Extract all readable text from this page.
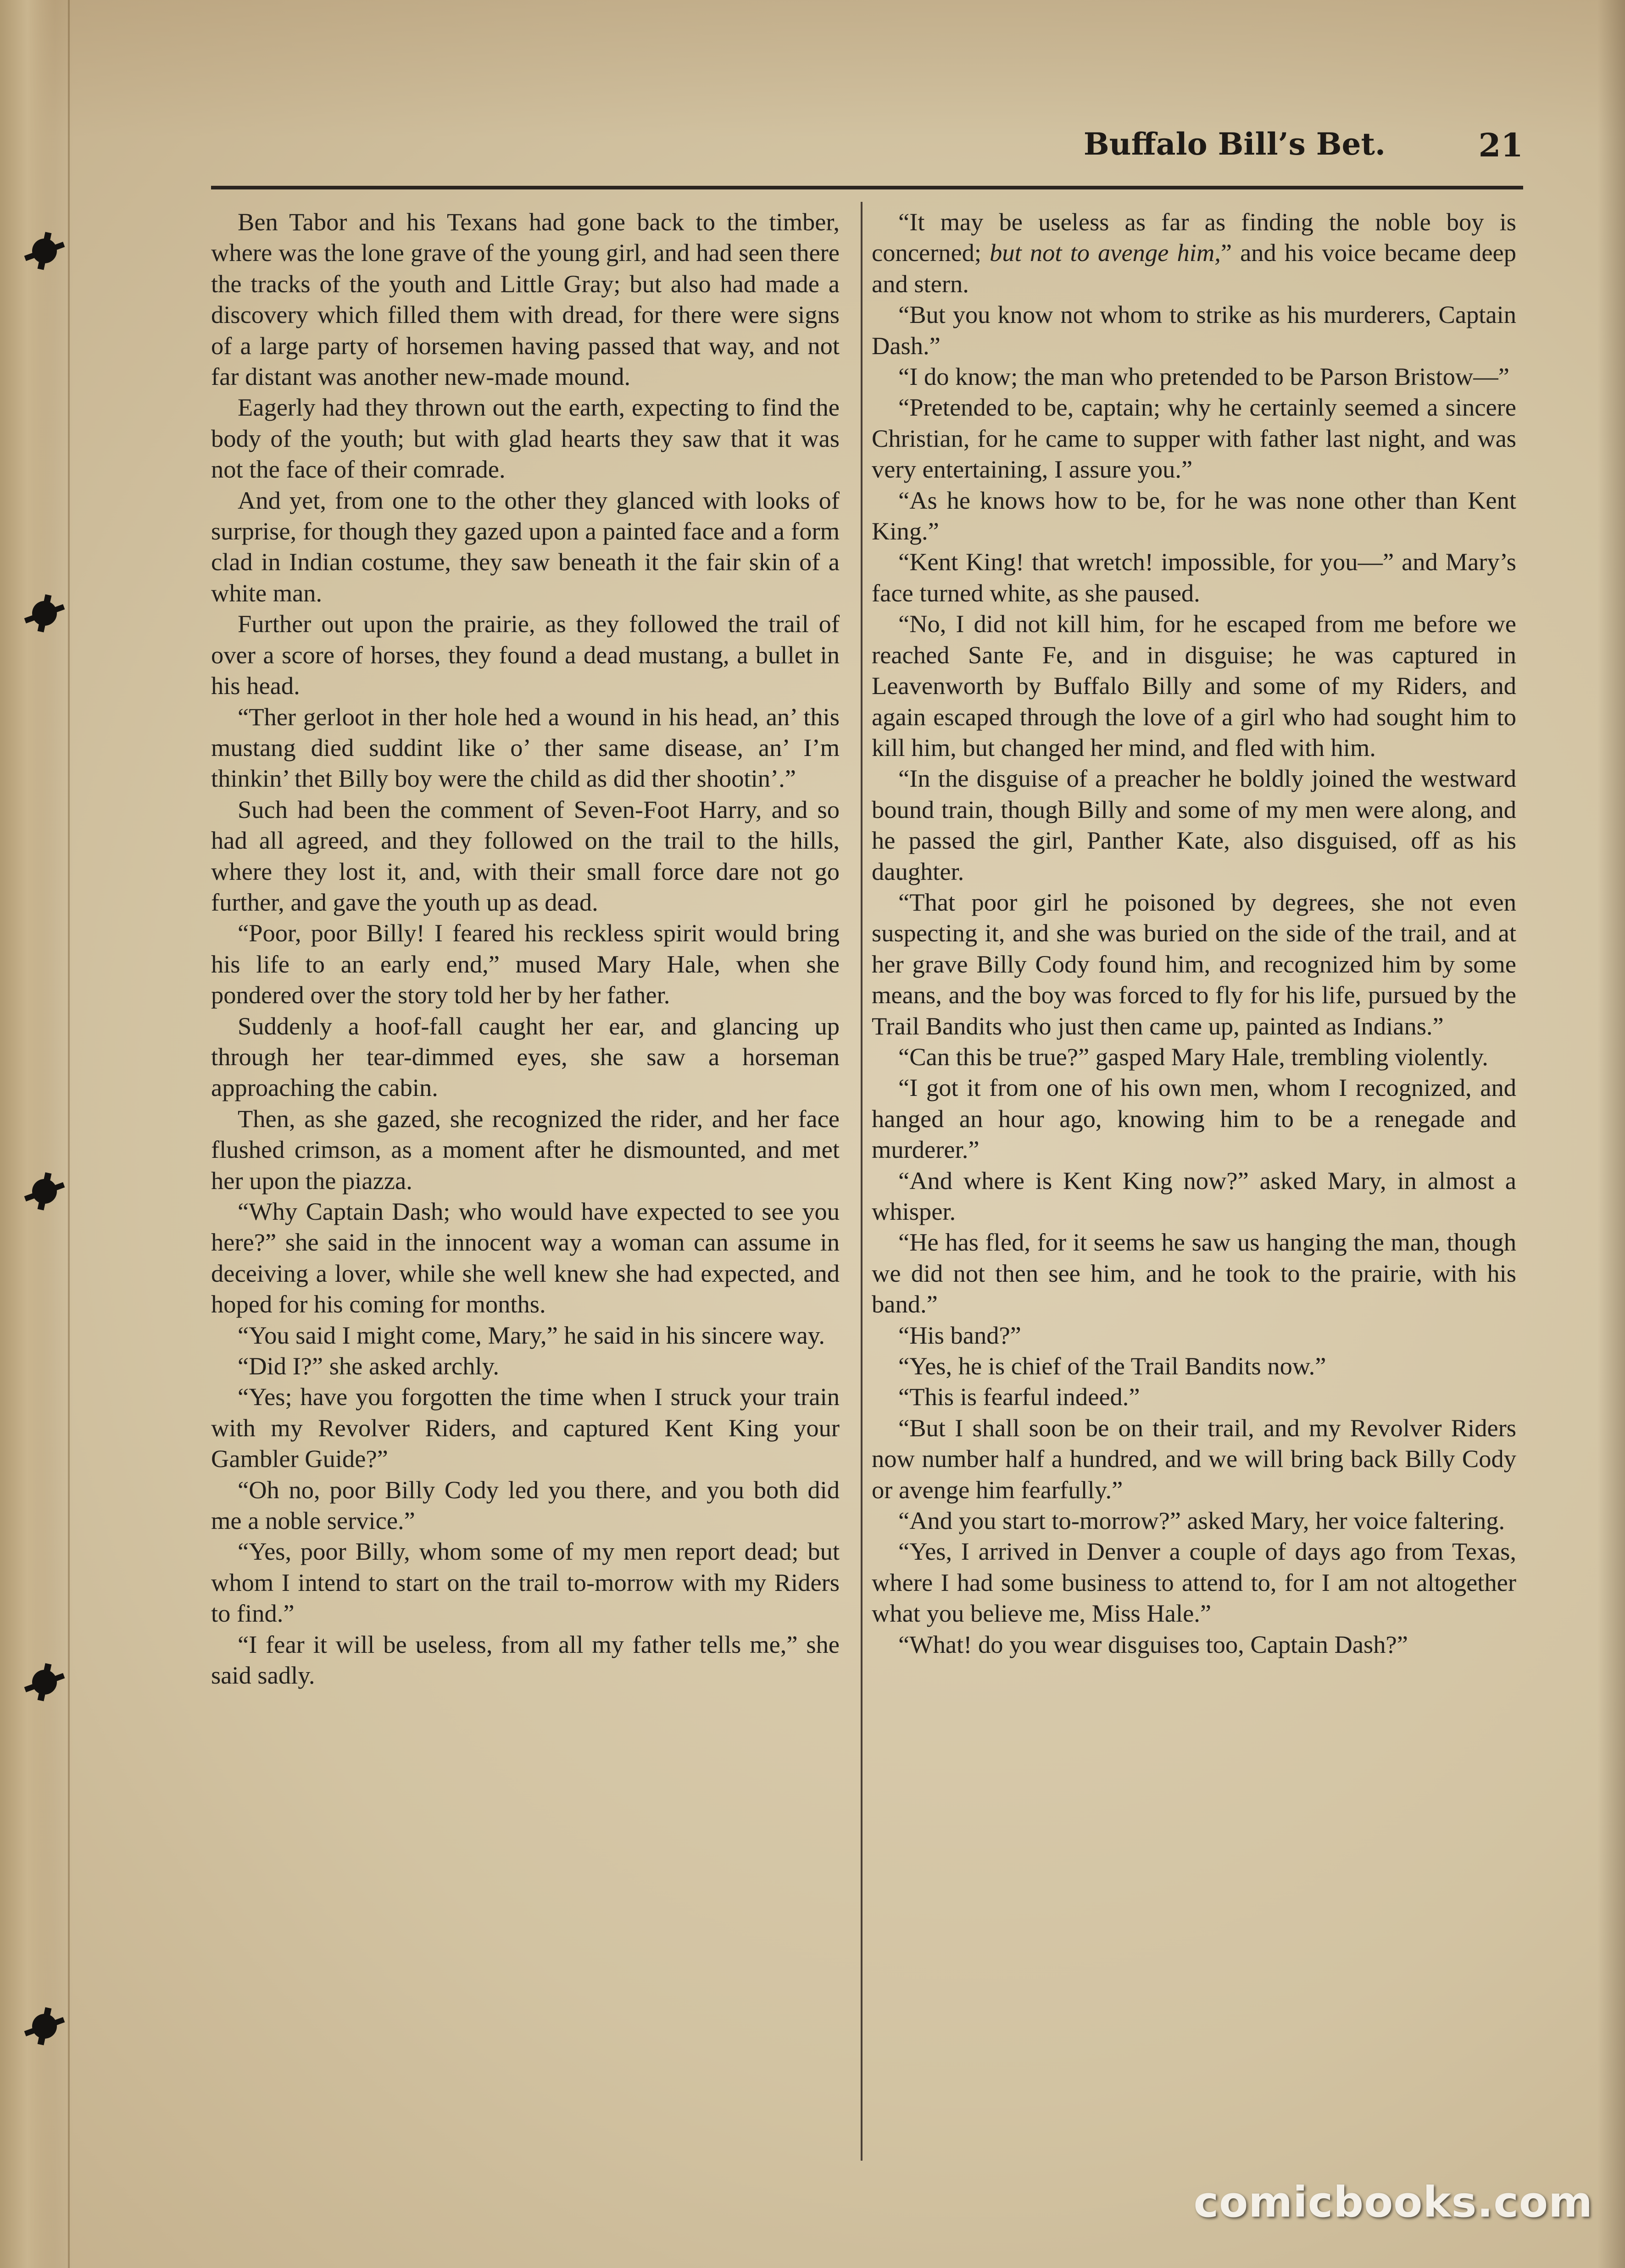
Buffalo Bill’s Bet.	21

Ben Tabor and his Texans had gone back to the timber, where was the lone grave of the young girl, and had seen there the tracks of the youth and Little Gray; but also had made a discovery which filled them with dread, for there were signs of a large party of horsemen having passed that way, and not far distant was another new-made mound.

Eagerly had they thrown out the earth, expecting to find the body of the youth; but with glad hearts they saw that it was not the face of their comrade.

And yet, from one to the other they glanced with looks of surprise, for though they gazed upon a painted face and a form clad in Indian costume, they saw beneath it the fair skin of a white man.

Further out upon the prairie, as they followed the trail of over a score of horses, they found a dead mustang, a bullet in his head.

“Ther gerloot in ther hole hed a wound in his head, an’ this mustang died suddint like o’ ther same disease, an’ I’m thinkin’ thet Billy boy were the child as did ther shootin’.”

Such had been the comment of Seven-Foot Harry, and so had all agreed, and they followed on the trail to the hills, where they lost it, and, with their small force dare not go further, and gave the youth up as dead.

“Poor, poor Billy! I feared his reckless spirit would bring his life to an early end,” mused Mary Hale, when she pondered over the story told her by her father.

Suddenly a hoof-fall caught her ear, and glancing up through her tear-dimmed eyes, she saw a horseman approaching the cabin.

Then, as she gazed, she recognized the rider, and her face flushed crimson, as a moment after he dismounted, and met her upon the piazza.

“Why Captain Dash; who would have expected to see you here?” she said in the innocent way a woman can assume in deceiving a lover, while she well knew she had expected, and hoped for his coming for months.

“You said I might come, Mary,” he said in his sincere way.

“Did I?” she asked archly.

“Yes; have you forgotten the time when I struck your train with my Revolver Riders, and captured Kent King your Gambler Guide?”

“Oh no, poor Billy Cody led you there, and you both did me a noble service.”

“Yes, poor Billy, whom some of my men report dead; but whom I intend to start on the trail to-morrow with my Riders to find.”

“I fear it will be useless, from all my father tells me,” she said sadly.

“It may be useless as far as finding the noble boy is concerned; but not to avenge him,” and his voice became deep and stern.

“But you know not whom to strike as his murderers, Captain Dash.”

“I do know; the man who pretended to be Parson Bristow—”

“Pretended to be, captain; why he certainly seemed a sincere Christian, for he came to supper with father last night, and was very entertaining, I assure you.”

“As he knows how to be, for he was none other than Kent King.”

“Kent King! that wretch! impossible, for you—” and Mary’s face turned white, as she paused.

“No, I did not kill him, for he escaped from me before we reached Sante Fe, and in disguise; he was captured in Leavenworth by Buffalo Billy and some of my Riders, and again escaped through the love of a girl who had sought him to kill him, but changed her mind, and fled with him.

“In the disguise of a preacher he boldly joined the westward bound train, though Billy and some of my men were along, and he passed the girl, Panther Kate, also disguised, off as his daughter.

“That poor girl he poisoned by degrees, she not even suspecting it, and she was buried on the side of the trail, and at her grave Billy Cody found him, and recognized him by some means, and the boy was forced to fly for his life, pursued by the Trail Bandits who just then came up, painted as Indians.”

“Can this be true?” gasped Mary Hale, trembling violently.

“I got it from one of his own men, whom I recognized, and hanged an hour ago, knowing him to be a renegade and murderer.”

“And where is Kent King now?” asked Mary, in almost a whisper.

“He has fled, for it seems he saw us hanging the man, though we did not then see him, and he took to the prairie, with his band.”

“His band?”

“Yes, he is chief of the Trail Bandits now.”

“This is fearful indeed.”

“But I shall soon be on their trail, and my Revolver Riders now number half a hundred, and we will bring back Billy Cody or avenge him fearfully.”

“And you start to-morrow?” asked Mary, her voice faltering.

“Yes, I arrived in Denver a couple of days ago from Texas, where I had some business to attend to, for I am not altogether what you believe me, Miss Hale.”

“What! do you wear disguises too, Captain Dash?”

comicbooks.com
